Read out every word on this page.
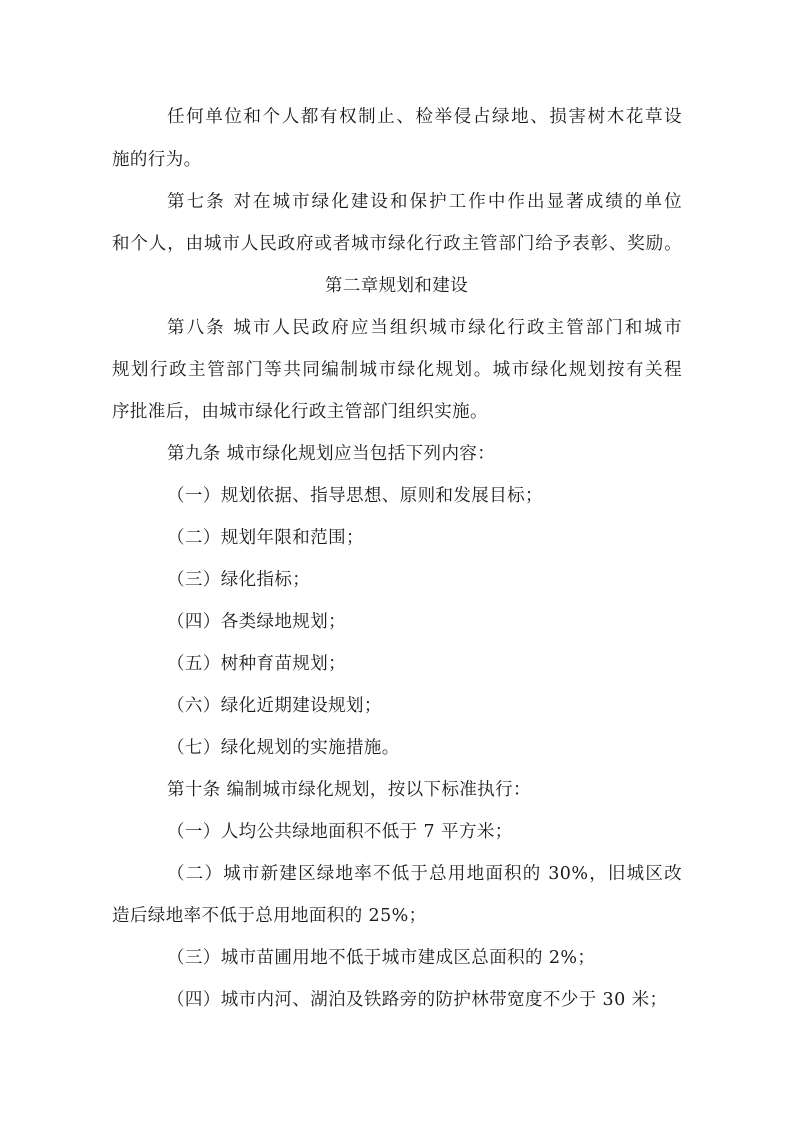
任何单位和个人都有权制止、检举侵占绿地、损害树木花草设
施的行为。
第七条 对在城市绿化建设和保护工作中作出显著成绩的单位
和个人，由城市人民政府或者城市绿化行政主管部门给予表彰、奖励。
第二章规划和建设
第八条 城市人民政府应当组织城市绿化行政主管部门和城市
规划行政主管部门等共同编制城市绿化规划。城市绿化规划按有关程
序批准后，由城市绿化行政主管部门组织实施。
第九条 城市绿化规划应当包括下列内容：
（一）规划依据、指导思想、原则和发展目标；
（二）规划年限和范围；
（三）绿化指标；
（四）各类绿地规划；
（五）树种育苗规划；
（六）绿化近期建设规划；
（七）绿化规划的实施措施。
第十条 编制城市绿化规划，按以下标准执行：
（一）人均公共绿地面积不低于 7 平方米；
（二）城市新建区绿地率不低于总用地面积的 30%，旧城区改
造后绿地率不低于总用地面积的 25%；
（三）城市苗圃用地不低于城市建成区总面积的 2%；
（四）城市内河、湖泊及铁路旁的防护林带宽度不少于 30 米；
